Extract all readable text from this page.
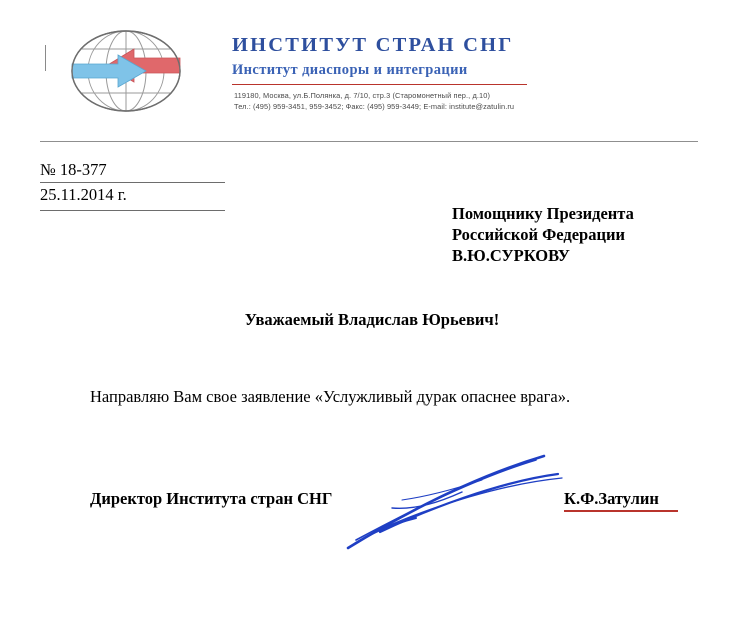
ИНСТИТУТ СТРАН СНГ
Институт диаспоры и интеграции
119180, Москва, ул.Б.Полянка, д. 7/10, стр.3 (Старомонетный пер., д.10)
Тел.: (495) 959-3451, 959-3452; Факс: (495) 959-3449; E-mail: institute@zatulin.ru
№ 18-377
25.11.2014 г.
Помощнику Президента
Российской Федерации
В.Ю.СУРКОВУ
Уважаемый Владислав Юрьевич!
Направляю Вам свое заявление «Услужливый дурак опаснее врага».
Директор Института стран СНГ	К.Ф.Затулин
